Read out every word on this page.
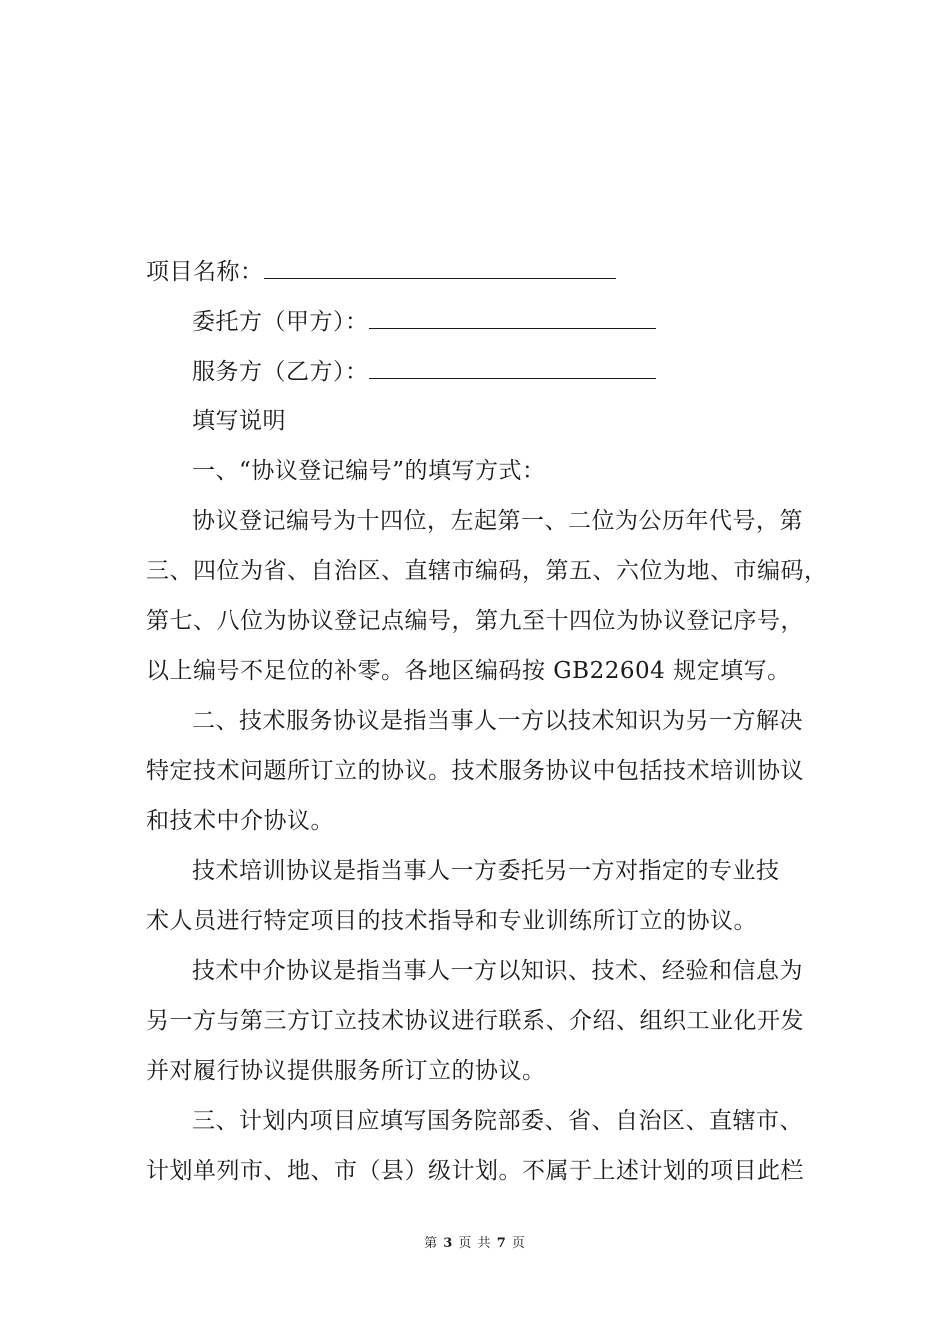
项目名称：
委托方（甲方）：
服务方（乙方）：
填写说明
一、“协议登记编号”的填写方式：
协议登记编号为十四位，左起第一、二位为公历年代号，第
三、四位为省、自治区、直辖市编码，第五、六位为地、市编码，
第七、八位为协议登记点编号，第九至十四位为协议登记序号，
以上编号不足位的补零。各地区编码按 GB22604 规定填写。
二、技术服务协议是指当事人一方以技术知识为另一方解决
特定技术问题所订立的协议。技术服务协议中包括技术培训协议
和技术中介协议。
技术培训协议是指当事人一方委托另一方对指定的专业技
术人员进行特定项目的技术指导和专业训练所订立的协议。
技术中介协议是指当事人一方以知识、技术、经验和信息为
另一方与第三方订立技术协议进行联系、介绍、组织工业化开发
并对履行协议提供服务所订立的协议。
三、计划内项目应填写国务院部委、省、自治区、直辖市、
计划单列市、地、市（县）级计划。不属于上述计划的项目此栏
第 3 页 共 7 页
